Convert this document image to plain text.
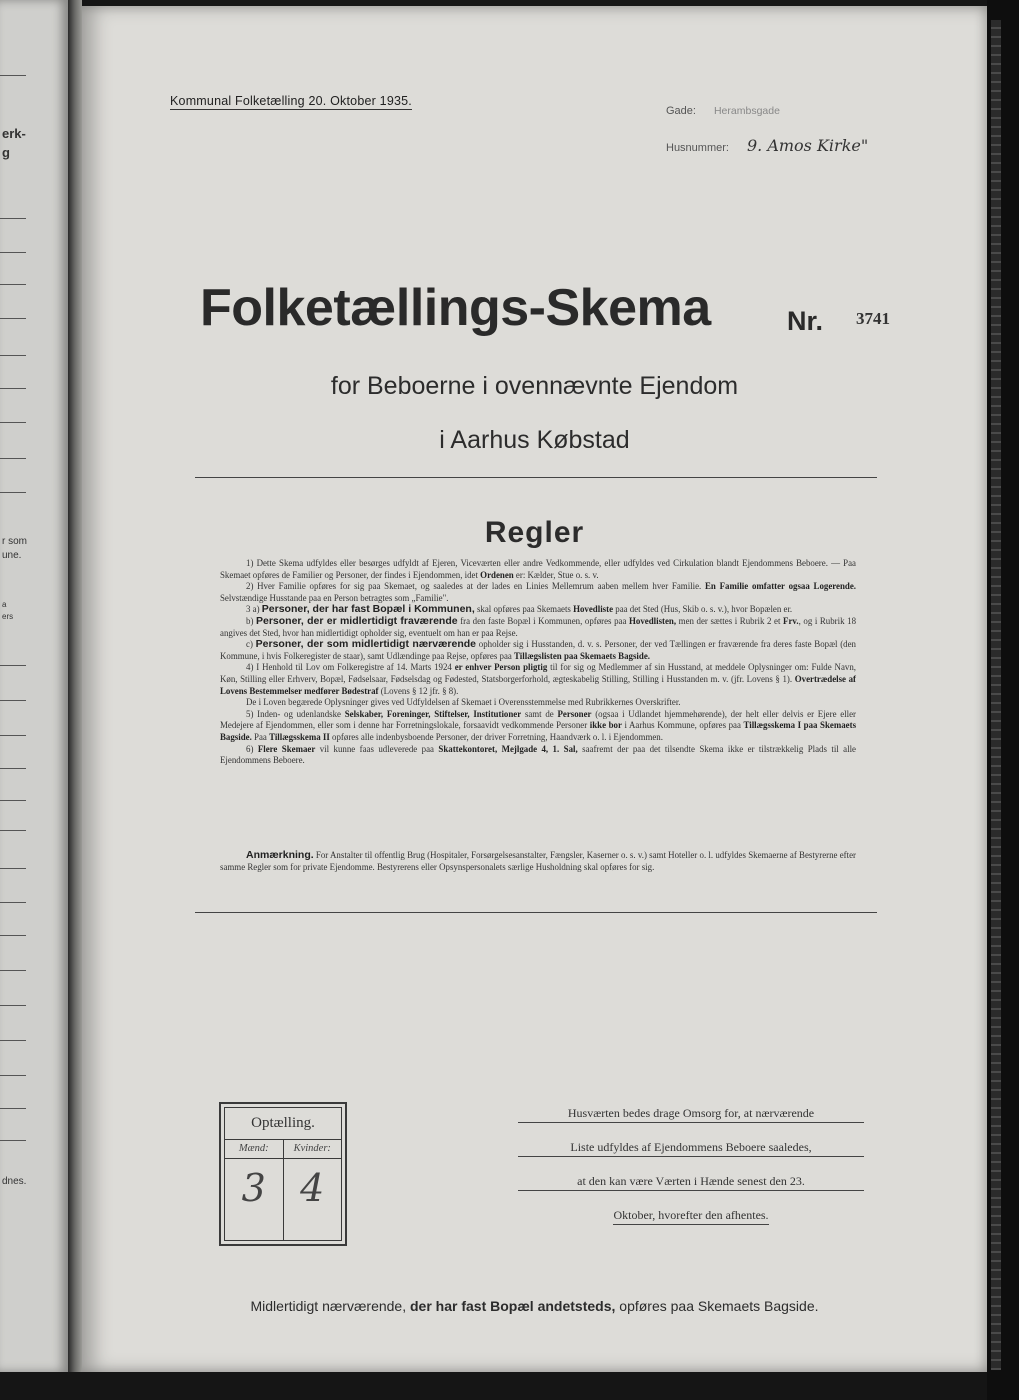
erk-
g
r som
une.
a
ers
dnes.
Kommunal Folketælling 20. Oktober 1935.
Gade: Herambsgade
Husnummer: 9. Amos Kirke"
Folketællings-Skema	Nr. 3741
for Beboerne i ovennævnte Ejendom
i Aarhus Købstad
Regler

1) Dette Skema udfyldes eller besørges udfyldt af Ejeren, Viceværten eller andre Vedkommende, eller udfyldes ved Cirkulation blandt Ejendommens Beboere. — Paa Skemaet opføres de Familier og Personer, der findes i Ejendommen, idet Ordenen er: Kælder, Stue o. s. v.

2) Hver Familie opføres for sig paa Skemaet, og saaledes at der lades en Linies Mellemrum aaben mellem hver Familie. En Familie omfatter ogsaa Logerende. Selvstændige Husstande paa en Person betragtes som „Familie".

3 a) Personer, der har fast Bopæl i Kommunen, skal opføres paa Skemaets Hovedliste paa det Sted (Hus, Skib o. s. v.), hvor Bopælen er.

b) Personer, der er midlertidigt fraværende fra den faste Bopæl i Kommunen, opføres paa Hovedlisten, men der sættes i Rubrik 2 et Frv., og i Rubrik 18 angives det Sted, hvor han midlertidigt opholder sig, eventuelt om han er paa Rejse.

c) Personer, der som midlertidigt nærværende opholder sig i Husstanden, d. v. s. Personer, der ved Tællingen er fraværende fra deres faste Bopæl (den Kommune, i hvis Folkeregister de staar), samt Udlændinge paa Rejse, opføres paa Tillægslisten paa Skemaets Bagside.

4) I Henhold til Lov om Folkeregistre af 14. Marts 1924 er enhver Person pligtig til for sig og Medlemmer af sin Husstand, at meddele Oplysninger om: Fulde Navn, Køn, Stilling eller Erhverv, Bopæl, Fødselsaar, Fødselsdag og Fødested, Statsborgerforhold, ægteskabelig Stilling, Stilling i Husstanden m. v. (jfr. Lovens § 1). Overtrædelse af Lovens Bestemmelser medfører Bødestraf (Lovens § 12 jfr. § 8).

De i Loven begærede Oplysninger gives ved Udfyldelsen af Skemaet i Overensstemmelse med Rubrikkernes Overskrifter.

5) Inden- og udenlandske Selskaber, Foreninger, Stiftelser, Institutioner samt de Personer (ogsaa i Udlandet hjemmehørende), der helt eller delvis er Ejere eller Medejere af Ejendommen, eller som i denne har Forretningslokale, forsaavidt vedkommende Personer ikke bor i Aarhus Kommune, opføres paa Tillægsskema I paa Skemaets Bagside. Paa Tillægsskema II opføres alle indenbysboende Personer, der driver Forretning, Haandværk o. l. i Ejendommen.

6) Flere Skemaer vil kunne faas udleverede paa Skattekontoret, Mejlgade 4, 1. Sal, saafremt der paa det tilsendte Skema ikke er tilstrækkelig Plads til alle Ejendommens Beboere.

Anmærkning. For Anstalter til offentlig Brug (Hospitaler, Forsørgelsesanstalter, Fængsler, Kaserner o. s. v.) samt Hoteller o. l. udfyldes Skemaerne af Bestyrerne efter samme Regler som for private Ejendomme. Bestyrerens eller Opsynspersonalets særlige Husholdning skal opføres for sig.

Optælling.
Mænd:
3
Kvinder:
4
Husværten bedes drage Omsorg for, at nærværende
Liste udfyldes af Ejendommens Beboere saaledes,
at den kan være Værten i Hænde senest den 23.
Oktober, hvorefter den afhentes.
Midlertidigt nærværende, der har fast Bopæl andetsteds, opføres paa Skemaets Bagside.
